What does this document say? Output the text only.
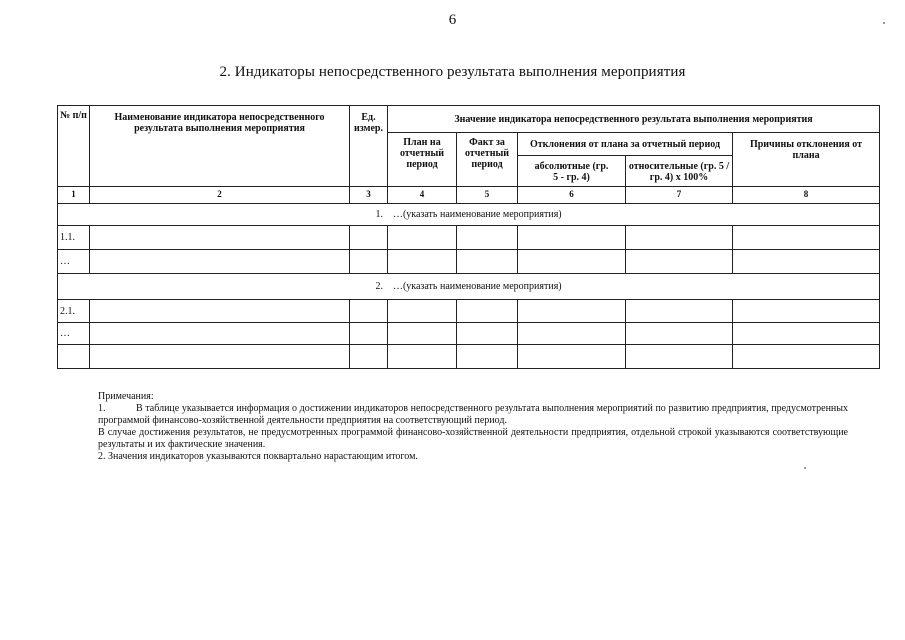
6
2. Индикаторы непосредственного результата выполнения мероприятия
№ п/п	Наименование индикатора непосредственного результата выполнения мероприятия	Ед. измер.	Значение индикатора непосредственного результата выполнения мероприятия				
			План на отчетный период	Факт за отчетный период	Отклонения от плана за отчетный период		Причины отклонения от плана
					абсолютные (гр. 5 - гр. 4)	относительные (гр. 5 / гр. 4) х 100%	
1	2	3	4	5	6	7	8
1.    …(указать наименование мероприятия)							
1.1.							
…							
2.    …(указать наименование мероприятия)							
2.1.							
…							

Примечания:

1.	В таблице указывается информация о достижении индикаторов непосредственного результата выполнения мероприятий по развитию предприятия, предусмотренных программой финансово-хозяйственной деятельности предприятия на соответствующий период.

В случае достижения результатов, не предусмотренных программой финансово-хозяйственной деятельности предприятия, отдельной строкой указываются соответствующие результаты и их фактические значения.

2. Значения индикаторов указываются поквартально нарастающим итогом.
